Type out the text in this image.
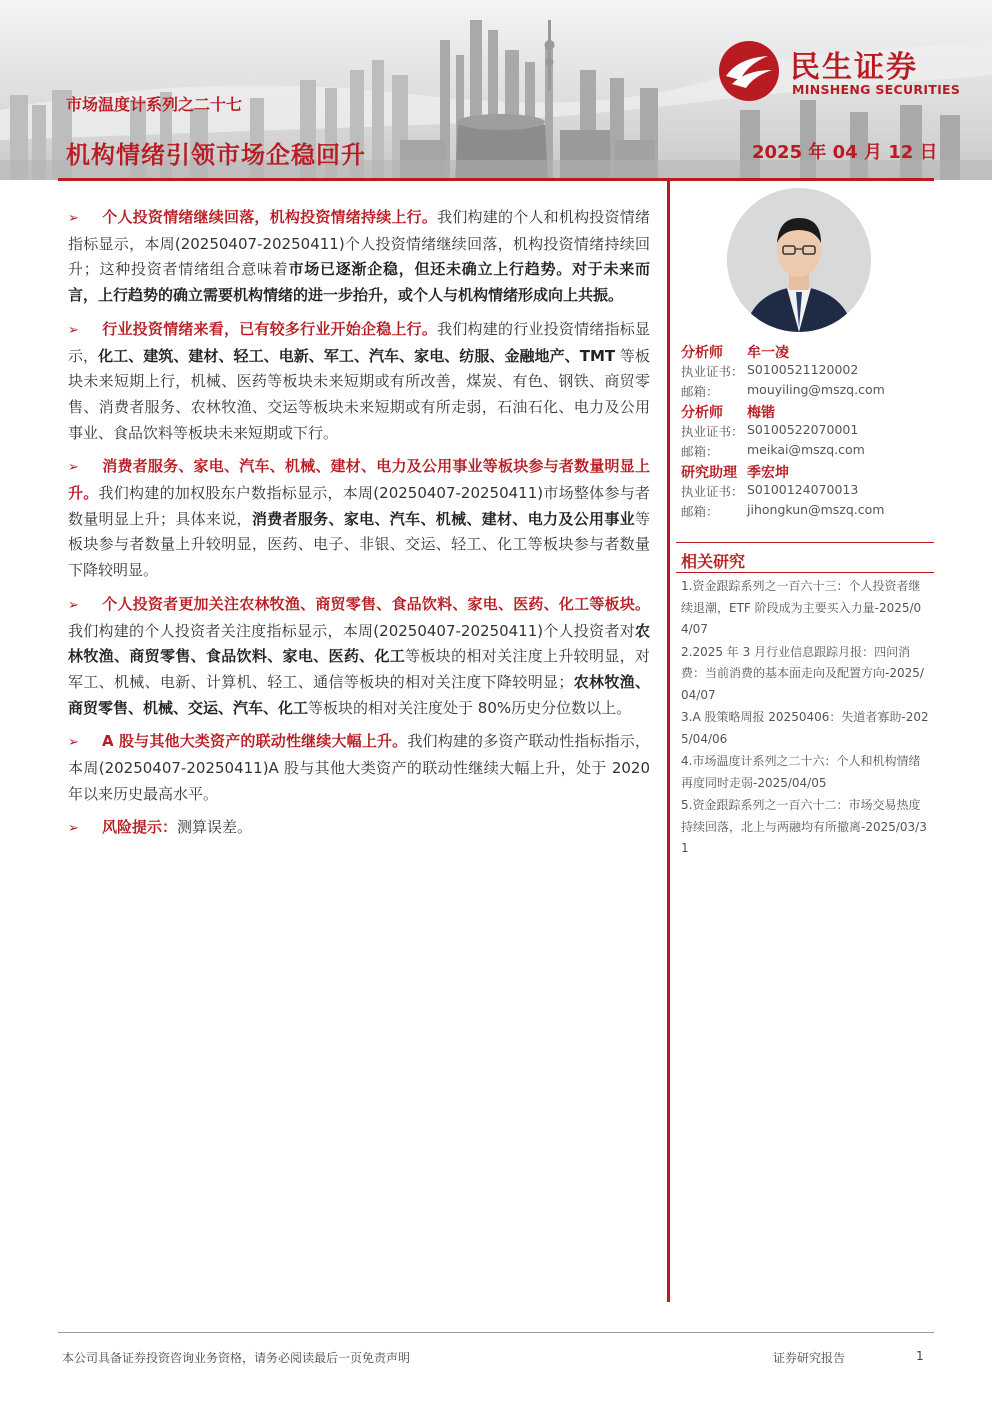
市场温度计系列之二十七
机构情绪引领市场企稳回升	2025 年 04 月 12 日
民生证券
MINSHENG SECURITIES

➢ 个人投资情绪继续回落，机构投资情绪持续上行。我们构建的个人和机构投资情绪指标显示，本周(20250407-20250411)个人投资情绪继续回落，机构投资情绪持续回升；这种投资者情绪组合意味着市场已逐渐企稳，但还未确立上行趋势。对于未来而言，上行趋势的确立需要机构情绪的进一步抬升，或个人与机构情绪形成向上共振。

➢ 行业投资情绪来看，已有较多行业开始企稳上行。我们构建的行业投资情绪指标显示，化工、建筑、建材、轻工、电新、军工、汽车、家电、纺服、金融地产、TMT 等板块未来短期上行，机械、医药等板块未来短期或有所改善，煤炭、有色、钢铁、商贸零售、消费者服务、农林牧渔、交运等板块未来短期或有所走弱，石油石化、电力及公用事业、食品饮料等板块未来短期或下行。

➢ 消费者服务、家电、汽车、机械、建材、电力及公用事业等板块参与者数量明显上升。我们构建的加权股东户数指标显示，本周(20250407-20250411)市场整体参与者数量明显上升；具体来说，消费者服务、家电、汽车、机械、建材、电力及公用事业等板块参与者数量上升较明显，医药、电子、非银、交运、轻工、化工等板块参与者数量下降较明显。

➢ 个人投资者更加关注农林牧渔、商贸零售、食品饮料、家电、医药、化工等板块。我们构建的个人投资者关注度指标显示，本周(20250407-20250411)个人投资者对农林牧渔、商贸零售、食品饮料、家电、医药、化工等板块的相对关注度上升较明显，对军工、机械、电新、计算机、轻工、通信等板块的相对关注度下降较明显；农林牧渔、商贸零售、机械、交运、汽车、化工等板块的相对关注度处于 80%历史分位数以上。

➢ A 股与其他大类资产的联动性继续大幅上升。我们构建的多资产联动性指标指示，本周(20250407-20250411)A 股与其他大类资产的联动性继续大幅上升，处于 2020 年以来历史最高水平。

➢ 风险提示：测算误差。

分析师 牟一凌
执业证书： S0100521120002
邮箱： mouyiling@mszq.com
分析师 梅锴
执业证书： S0100522070001
邮箱： meikai@mszq.com
研究助理 季宏坤
执业证书： S0100124070013
邮箱： jihongkun@mszq.com
相关研究
1.资金跟踪系列之一百六十三：个人投资者继续退潮，ETF 阶段成为主要买入力量-2025/04/07
2.2025 年 3 月行业信息跟踪月报：四问消费：当前消费的基本面走向及配置方向-2025/04/07
3.A 股策略周报 20250406：失道者寡助-2025/04/06
4.市场温度计系列之二十六：个人和机构情绪再度同时走弱-2025/04/05
5.资金跟踪系列之一百六十二：市场交易热度持续回落，北上与两融均有所撤离-2025/03/31
本公司具备证券投资咨询业务资格，请务必阅读最后一页免责声明	证券研究报告	1
